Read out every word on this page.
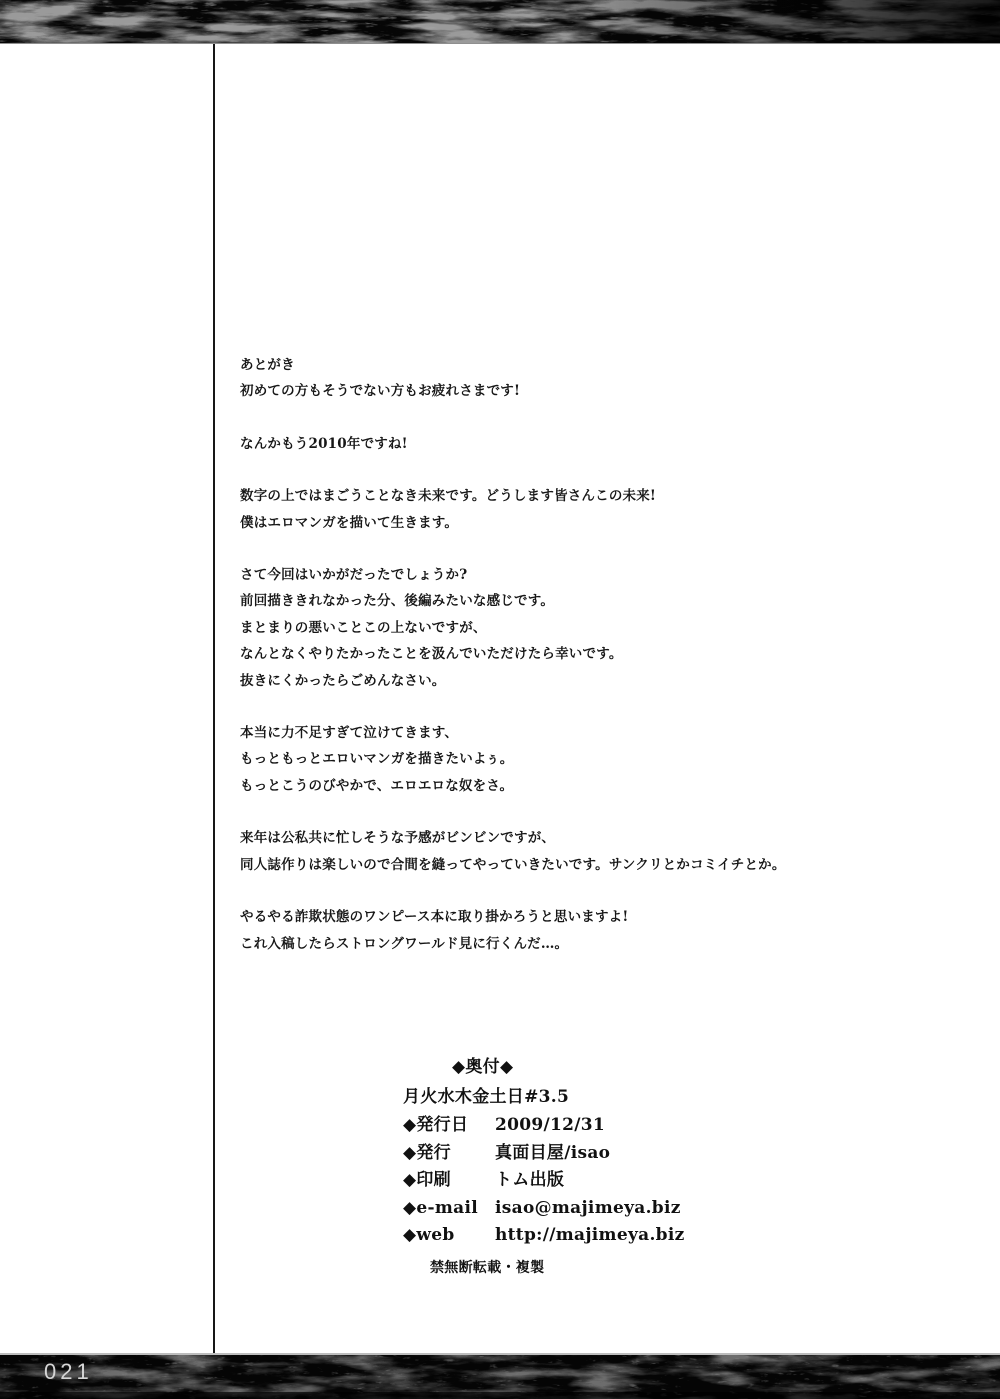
あとがき
初めての方もそうでない方もお疲れさまです!

なんかもう2010年ですね!

数字の上ではまごうことなき未来です。どうします皆さんこの未来!
僕はエロマンガを描いて生きます。

さて今回はいかがだったでしょうか?
前回描ききれなかった分、後編みたいな感じです。
まとまりの悪いことこの上ないですが、
なんとなくやりたかったことを汲んでいただけたら幸いです。
抜きにくかったらごめんなさい。

本当に力不足すぎて泣けてきます、
もっともっとエロいマンガを描きたいよぅ。
もっとこうのびやかで、エロエロな奴をさ。

来年は公私共に忙しそうな予感がビンビンですが、
同人誌作りは楽しいので合間を縫ってやっていきたいです。サンクリとかコミイチとか。

やるやる詐欺状態のワンピース本に取り掛かろうと思いますよ!
これ入稿したらストロングワールド見に行くんだ…。

◆奥付◆
月火水木金土日#3.5
◆発行日	2009/12/31
◆発行	真面目屋/isao
◆印刷	トム出版
◆e-mail	isao@majimeya.biz
◆web	http://majimeya.biz
禁無断転載・複製
021
